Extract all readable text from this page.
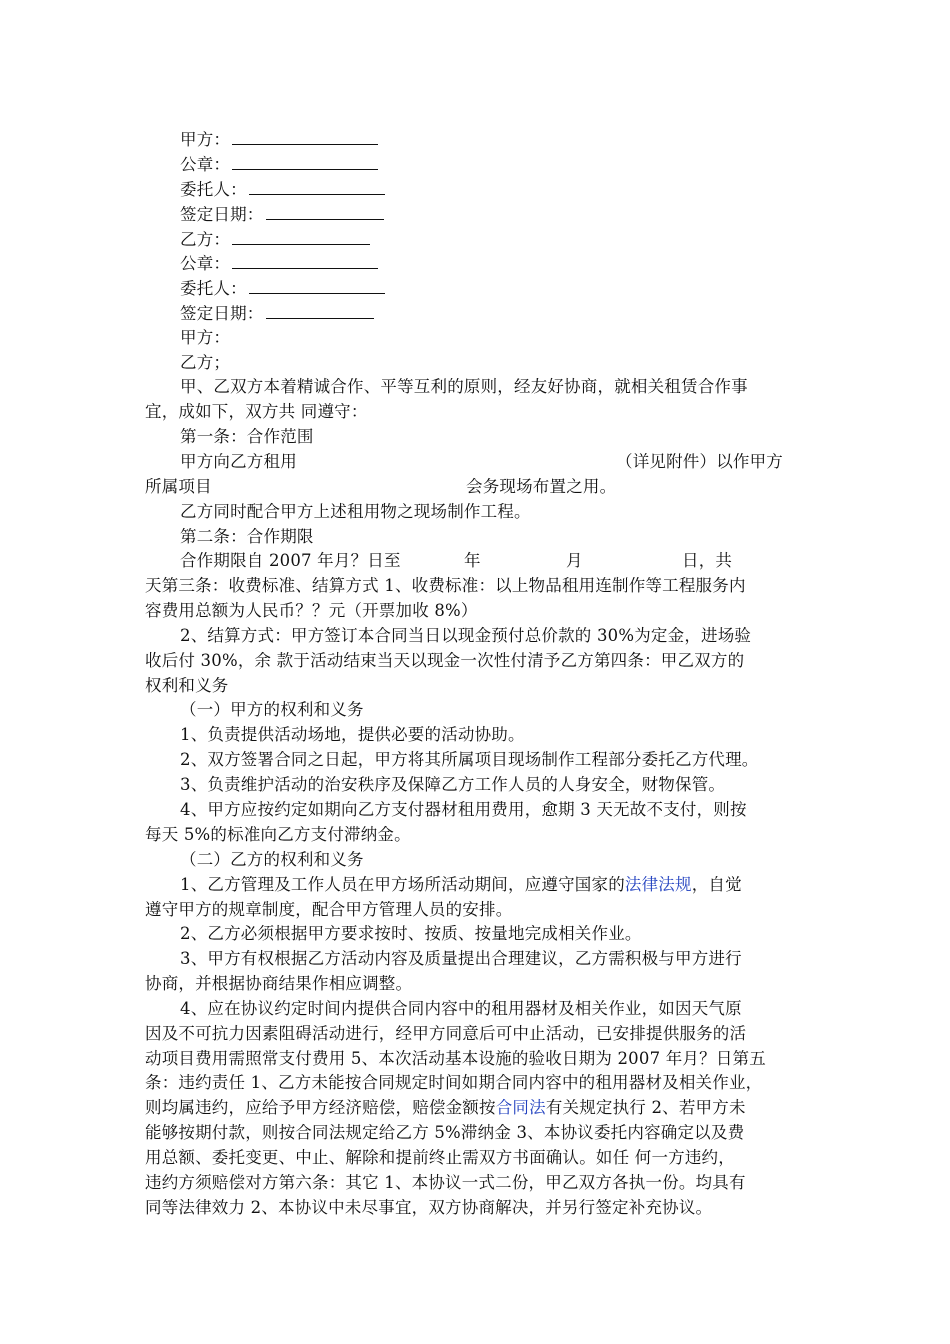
甲方：
公章：
委托人：
签定日期：
乙方：
公章：
委托人：
签定日期：
甲方：
乙方；
甲、乙双方本着精诚合作、平等互利的原则，经友好协商，就相关租赁合作事
宜，成如下，双方共 同遵守：
第一条：合作范围
甲方向乙方租用	（详见附件）以作甲方
所属项目	会务现场布置之用。
乙方同时配合甲方上述租用物之现场制作工程。
第二条：合作期限
合作期限自 2007 年月？日至	年	月	日，共
天第三条：收费标准、结算方式 1、收费标准：以上物品租用连制作等工程服务内
容费用总额为人民币？？元（开票加收 8%）
2、结算方式：甲方签订本合同当日以现金预付总价款的 30%为定金，进场验
收后付 30%，余 款于活动结束当天以现金一次性付清予乙方第四条：甲乙双方的
权利和义务
（一）甲方的权利和义务
1、负责提供活动场地，提供必要的活动协助。
2、双方签署合同之日起，甲方将其所属项目现场制作工程部分委托乙方代理。
3、负责维护活动的治安秩序及保障乙方工作人员的人身安全，财物保管。
4、甲方应按约定如期向乙方支付器材租用费用，愈期 3 天无故不支付，则按
每天 5%的标准向乙方支付滞纳金。
（二）乙方的权利和义务
1、乙方管理及工作人员在甲方场所活动期间，应遵守国家的法律法规，自觉
遵守甲方的规章制度，配合甲方管理人员的安排。
2、乙方必须根据甲方要求按时、按质、按量地完成相关作业。
3、甲方有权根据乙方活动内容及质量提出合理建议，乙方需积极与甲方进行
协商，并根据协商结果作相应调整。
4、应在协议约定时间内提供合同内容中的租用器材及相关作业，如因天气原
因及不可抗力因素阻碍活动进行，经甲方同意后可中止活动，已安排提供服务的活
动项目费用需照常支付费用 5、本次活动基本设施的验收日期为 2007 年月？日第五
条：违约责任 1、乙方未能按合同规定时间如期合同内容中的租用器材及相关作业，
则均属违约，应给予甲方经济赔偿，赔偿金额按合同法有关规定执行 2、若甲方未
能够按期付款，则按合同法规定给乙方 5%滞纳金 3、本协议委托内容确定以及费
用总额、委托变更、中止、解除和提前终止需双方书面确认。如任 何一方违约，
违约方须赔偿对方第六条：其它 1、本协议一式二份，甲乙双方各执一份。均具有
同等法律效力 2、本协议中未尽事宜，双方协商解决，并另行签定补充协议。
